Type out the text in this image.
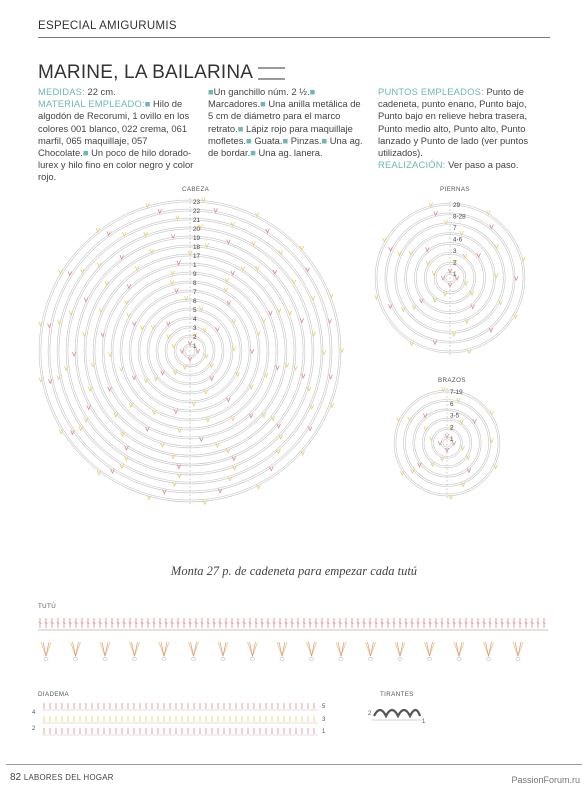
ESPECIAL AMIGURUMIS
MARINE, LA BAILARINA
MEDIDAS: 22 cm.
MATERIAL EMPLEADO:■ Hilo de algodón de Recorumi, 1 ovillo en los colores 001 blanco, 022 crema, 061 marfil, 065 maquillaje, 057 Chocolate.■ Un poco de hilo dorado-lurex y hilo fino en color negro y color rojo.
■Un ganchillo núm. 2 ½.■ Marcadores.■ Una anilla metálica de 5 cm de diámetro para el marco retrato.■ Lápiz rojo para maquillaje mofletes.■ Guata.■ Pinzas.■ Una ag. de bordar.■ Una ag. lanera.
PUNTOS EMPLEADOS: Punto de cadeneta, punto enano, Punto bajo, Punto bajo en relieve hebra trasera, Punto medio alto, Punto alto, Punto lanzado y Punto de lado (ver puntos utilizados).
REALIZACIÓN: Ver paso a paso.
CABEZA
23
22
21
20
19
18
17
1
9
8
7
6
5
4
3
2
1
PIERNAS
29
8-28
7
4-6
3
2
1
BRAZOS
7-19
6
3-5
2
1
Monta 27 p. de cadeneta para empezar cada tutú
TUTÚ
DIADEMA
4
2
5
3
1
TIRANTES
2
1
82 LABORES DEL HOGAR	PassionForum.ru
